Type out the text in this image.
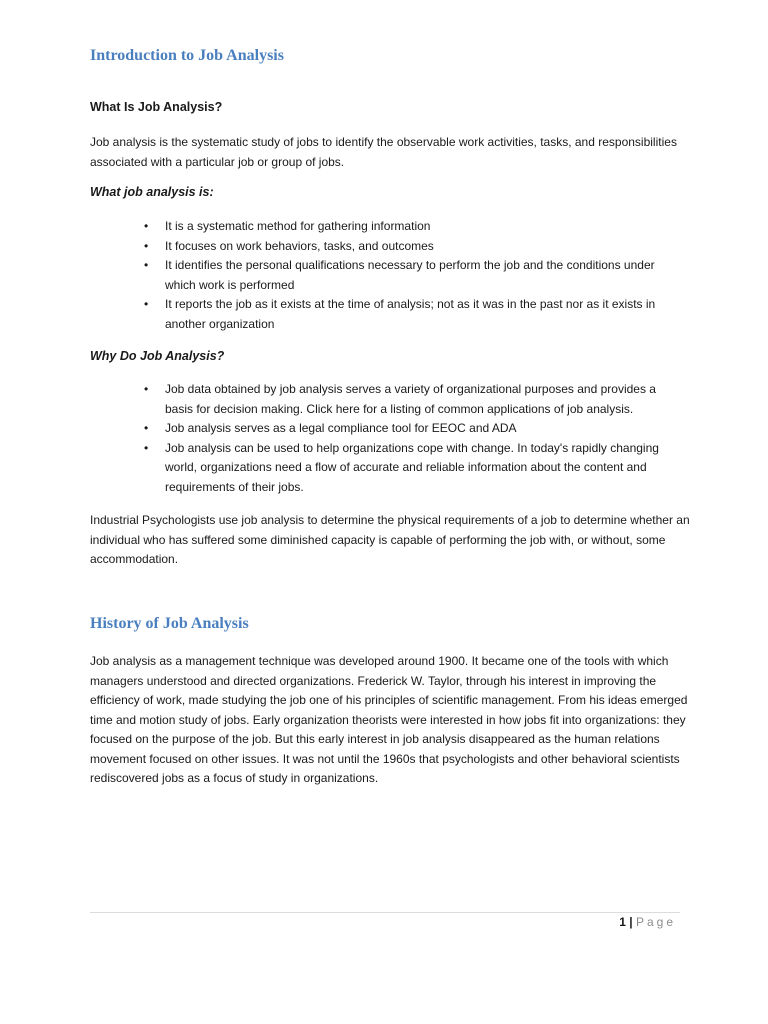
Introduction to Job Analysis

What Is Job Analysis?

Job analysis is the systematic study of jobs to identify the observable work activities, tasks, and responsibilities associated with a particular job or group of jobs.

What job analysis is:

• It is a systematic method for gathering information
• It focuses on work behaviors, tasks, and outcomes
• It identifies the personal qualifications necessary to perform the job and the conditions under which work is performed
• It reports the job as it exists at the time of analysis; not as it was in the past nor as it exists in another organization

Why Do Job Analysis?

• Job data obtained by job analysis serves a variety of organizational purposes and provides a basis for decision making. Click here for a listing of common applications of job analysis.
• Job analysis serves as a legal compliance tool for EEOC and ADA
• Job analysis can be used to help organizations cope with change. In today's rapidly changing world, organizations need a flow of accurate and reliable information about the content and requirements of their jobs.

Industrial Psychologists use job analysis to determine the physical requirements of a job to determine whether an individual who has suffered some diminished capacity is capable of performing the job with, or without, some accommodation.

History of Job Analysis

Job analysis as a management technique was developed around 1900. It became one of the tools with which managers understood and directed organizations. Frederick W. Taylor, through his interest in improving the efficiency of work, made studying the job one of his principles of scientific management. From his ideas emerged time and motion study of jobs. Early organization theorists were interested in how jobs fit into organizations: they focused on the purpose of the job. But this early interest in job analysis disappeared as the human relations movement focused on other issues. It was not until the 1960s that psychologists and other behavioral scientists rediscovered jobs as a focus of study in organizations.

1 | Page
